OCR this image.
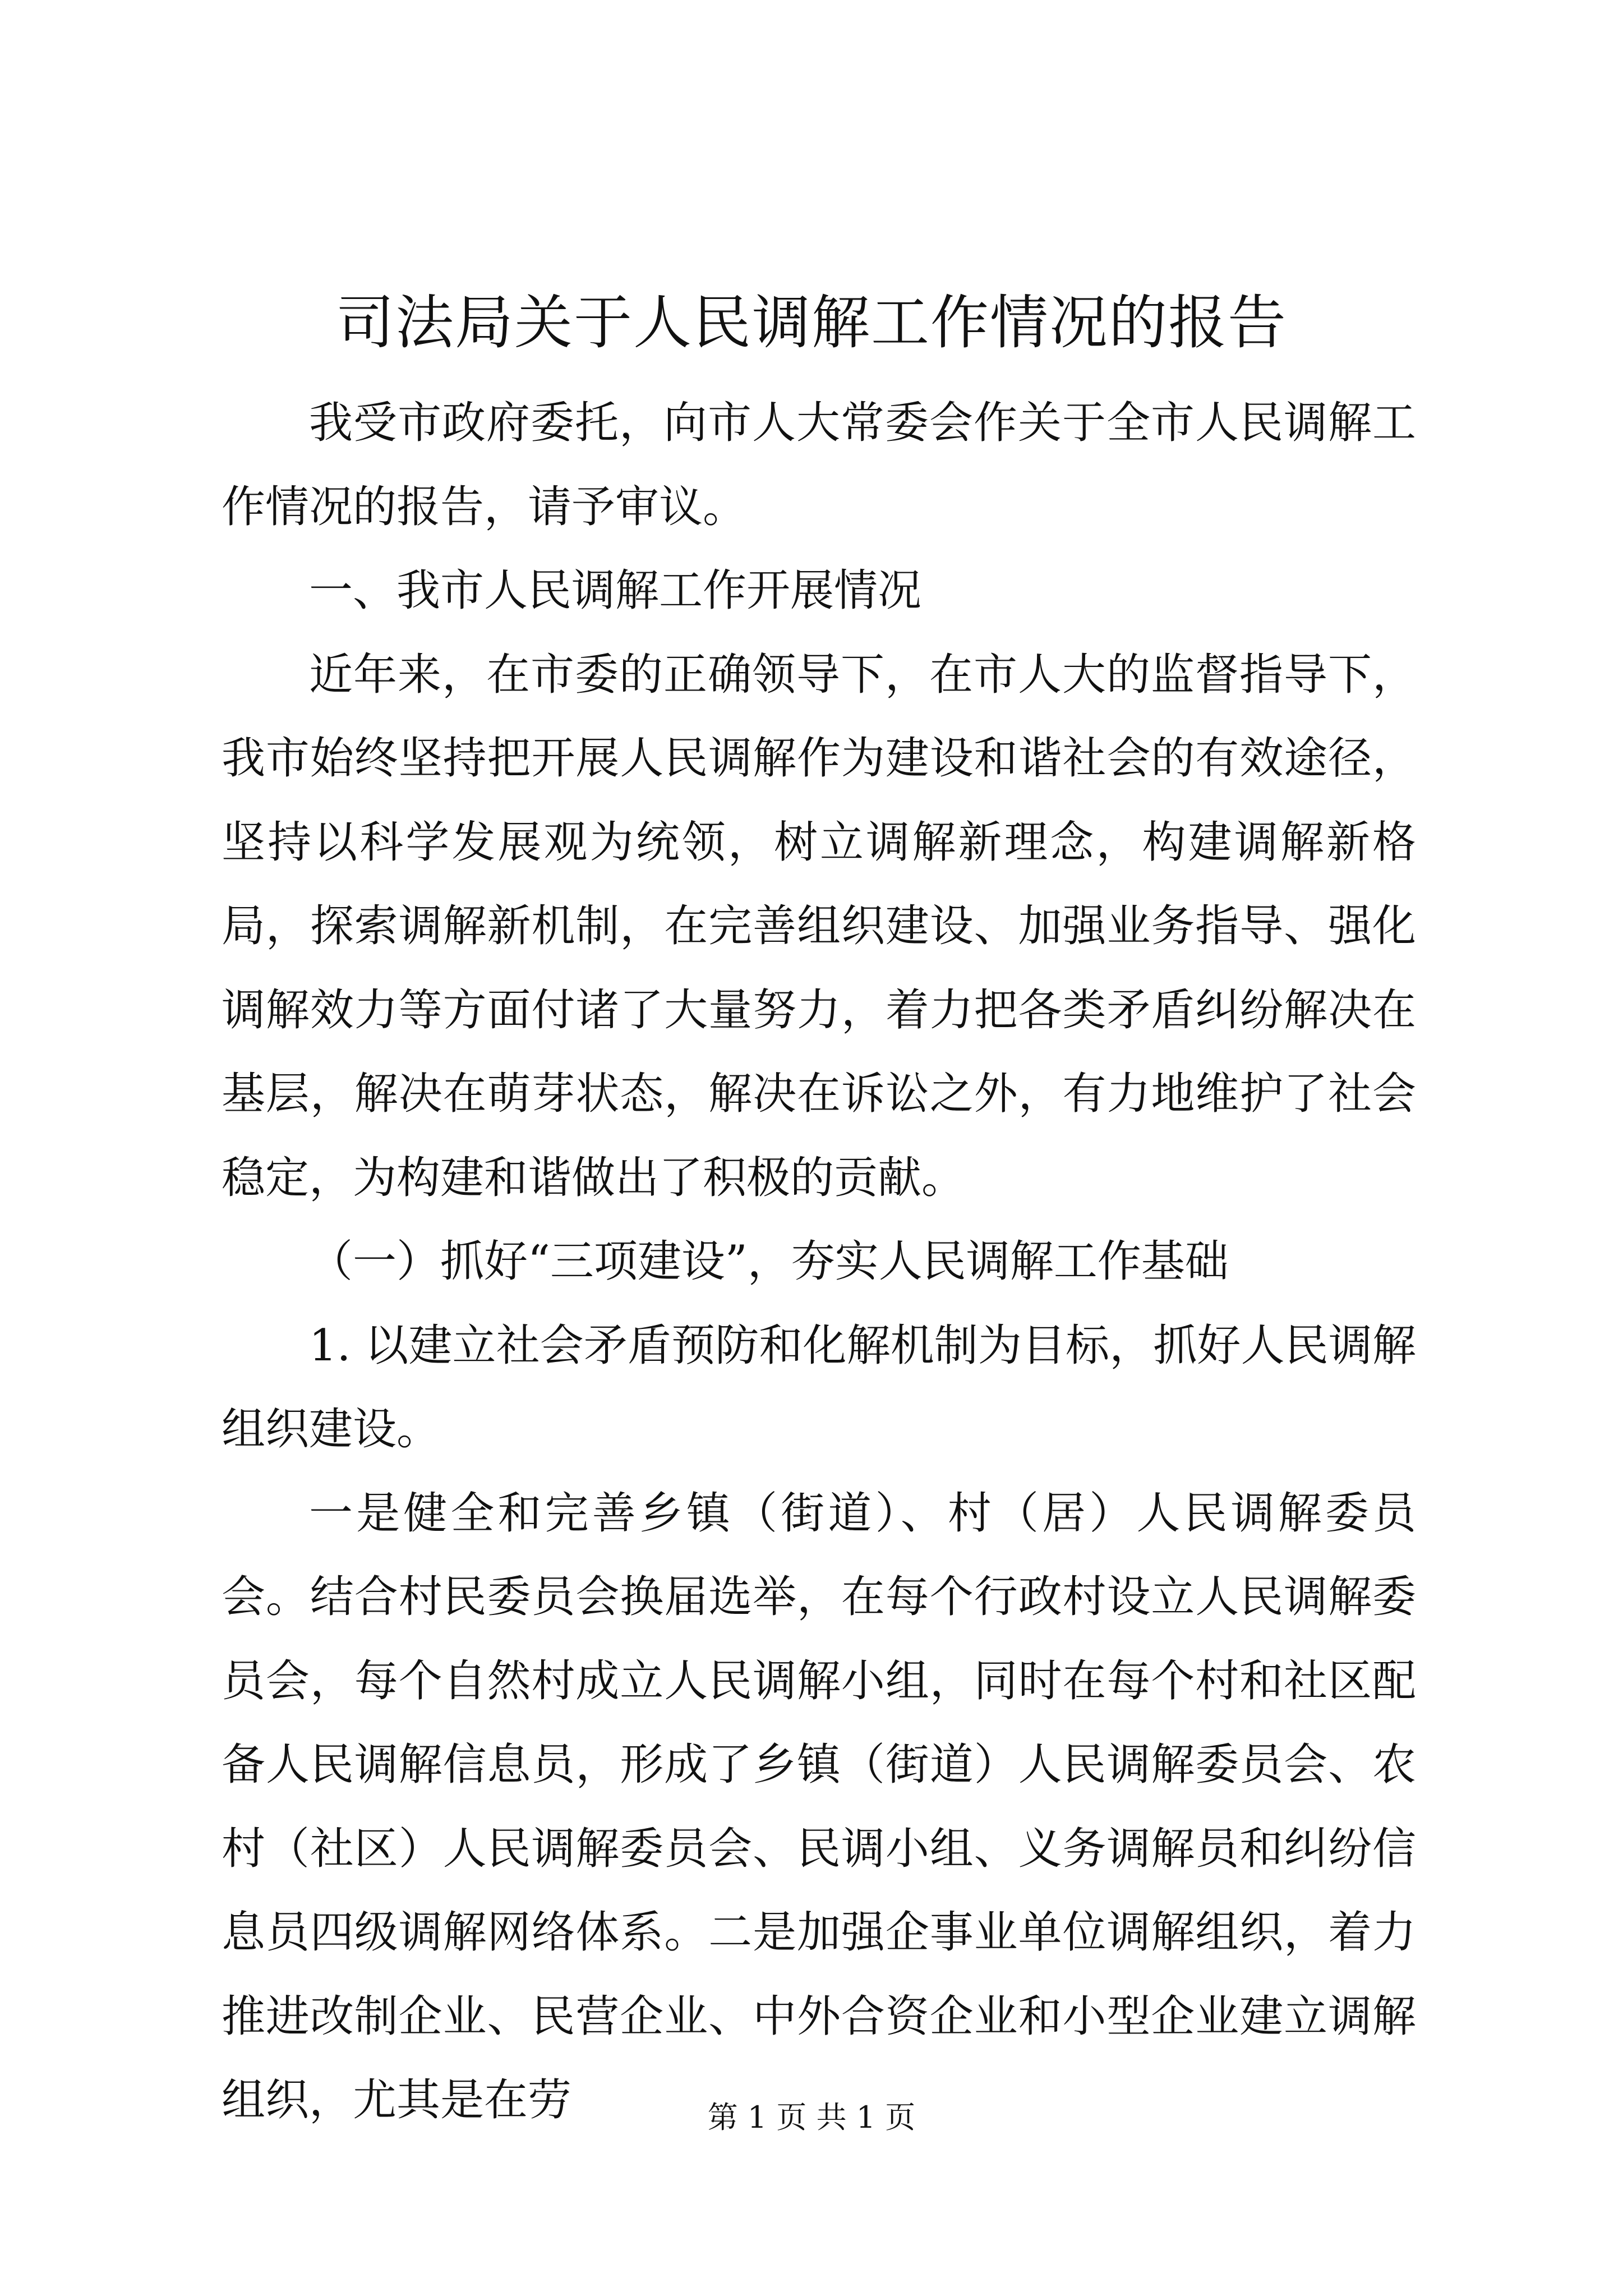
司法局关于人民调解工作情况的报告

我受市政府委托，向市人大常委会作关于全市人民调解工作情况的报告，请予审议。

一、我市人民调解工作开展情况

近年来，在市委的正确领导下，在市人大的监督指导下，我市始终坚持把开展人民调解作为建设和谐社会的有效途径，坚持以科学发展观为统领，树立调解新理念，构建调解新格局，探索调解新机制，在完善组织建设、加强业务指导、强化调解效力等方面付诸了大量努力，着力把各类矛盾纠纷解决在基层，解决在萌芽状态，解决在诉讼之外，有力地维护了社会稳定，为构建和谐做出了积极的贡献。

（一）抓好“三项建设”，夯实人民调解工作基础

1. 以建立社会矛盾预防和化解机制为目标，抓好人民调解组织建设。

一是健全和完善乡镇（街道）、村（居）人民调解委员会。结合村民委员会换届选举，在每个行政村设立人民调解委员会，每个自然村成立人民调解小组，同时在每个村和社区配备人民调解信息员，形成了乡镇（街道）人民调解委员会、农村（社区）人民调解委员会、民调小组、义务调解员和纠纷信息员四级调解网络体系。二是加强企事业单位调解组织，着力推进改制企业、民营企业、中外合资企业和小型企业建立调解组织，尤其是在劳	第 1 页 共 1 页
